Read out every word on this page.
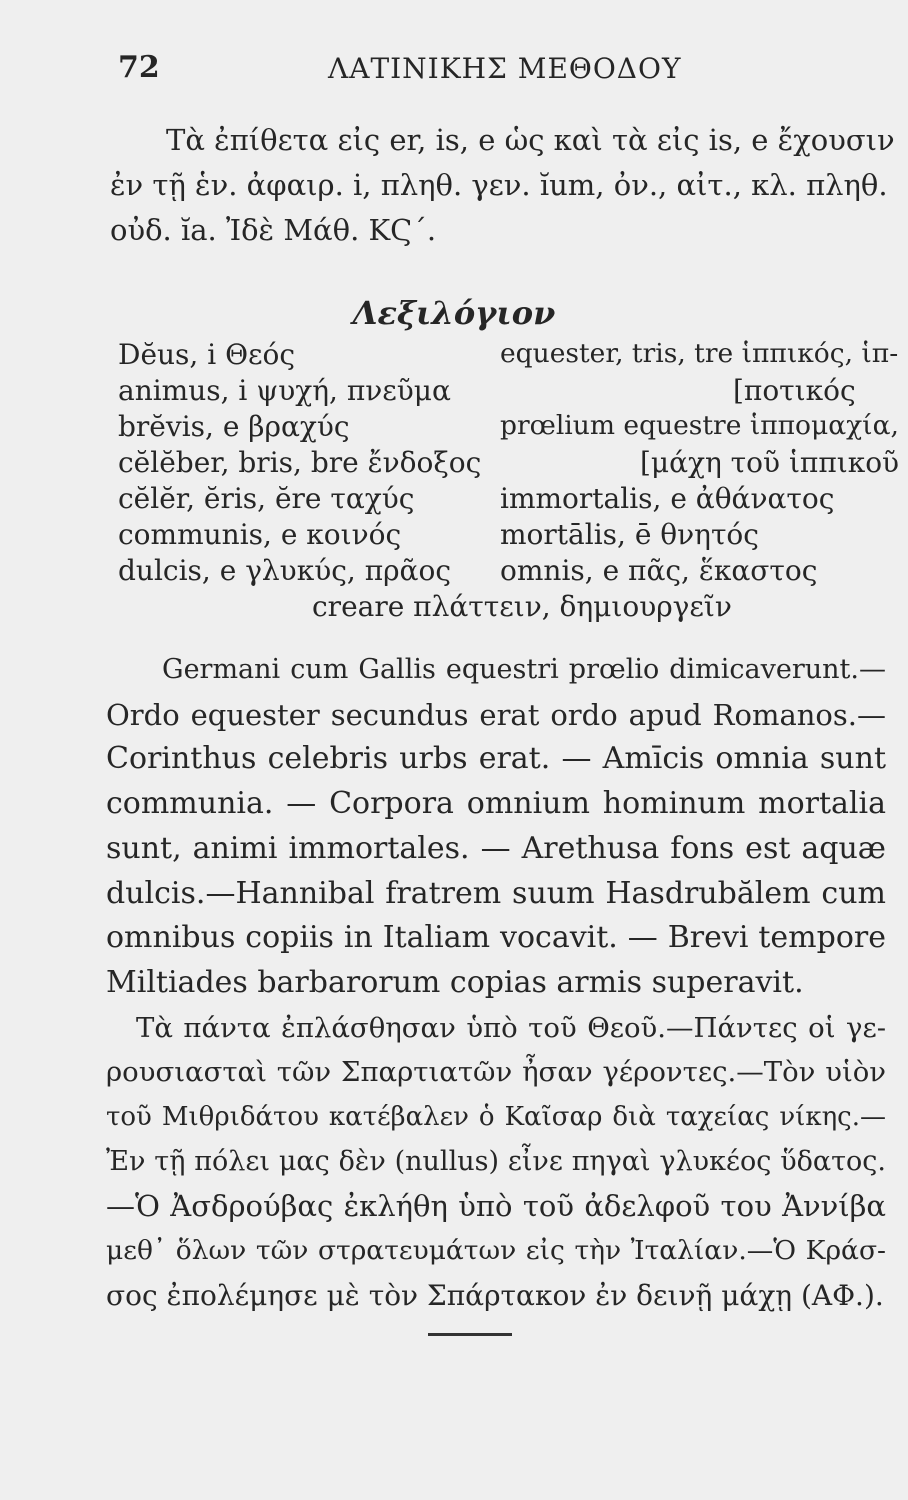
72	ΛΑΤΙΝΙΚΗΣ ΜΕΘΟΔΟΥ

Τὰ ἐπίθετα εἰς er, is, e ὡς καὶ τὰ εἰς is, e ἔχουσιν

ἐν τῇ ἑν. ἀφαιρ. i, πληθ. γεν. ĭum, ὀν., αἰτ., κλ. πληθ.

οὐδ. ĭa. Ἰδὲ Μάθ. ΚϚ΄.

Λεξιλόγιον
Dĕus, i Θεός
animus, i ψυχή, πνεῦμα
brĕvis, e βραχύς
cĕlĕber, bris, bre ἔνδοξος
cĕlĕr, ĕris, ĕre ταχύς
communis, e κοινός
dulcis, e γλυκύς, πρᾶος
equester, tris, tre ἱππικός, ἱπ-
[ποτικός
prœlium equestre ἱππομαχία,
[μάχη τοῦ ἱππικοῦ
immortalis, e ἀθάνατος
mortālis, ē θνητός
omnis, e πᾶς, ἕκαστος
creare πλάττειν, δημιουργεῖν

Germani cum Gallis equestri prœlio dimicaverunt.—

Ordo equester secundus erat ordo apud Romanos.—

Corinthus celebris urbs erat. — Amīcis omnia sunt

communia. — Corpora omnium hominum mortalia

sunt, animi immortales. — Arethusa fons est aquæ

dulcis.—Hannibal fratrem suum Hasdrubălem cum

omnibus copiis in Italiam vocavit. — Brevi tempore

Miltiades barbarorum copias armis superavit.

Τὰ πάντα ἐπλάσθησαν ὑπὸ τοῦ Θεοῦ.—Πάντες οἱ γε-

ρουσιασταὶ τῶν Σπαρτιατῶν ἦσαν γέροντες.—Τὸν υἱὸν

τοῦ Μιθριδάτου κατέβαλεν ὁ Καῖσαρ διὰ ταχείας νίκης.—

Ἐν τῇ πόλει μας δὲν (nullus) εἶνε πηγαὶ γλυκέος ὕδατος.

—Ὁ Ἀσδρούβας ἐκλήθη ὑπὸ τοῦ ἀδελφοῦ του Ἀννίβα

μεθ᾽ ὅλων τῶν στρατευμάτων εἰς τὴν Ἰταλίαν.—Ὁ Κράσ-

σος ἐπολέμησε μὲ τὸν Σπάρτακον ἐν δεινῇ μάχῃ (ΑΦ.).
